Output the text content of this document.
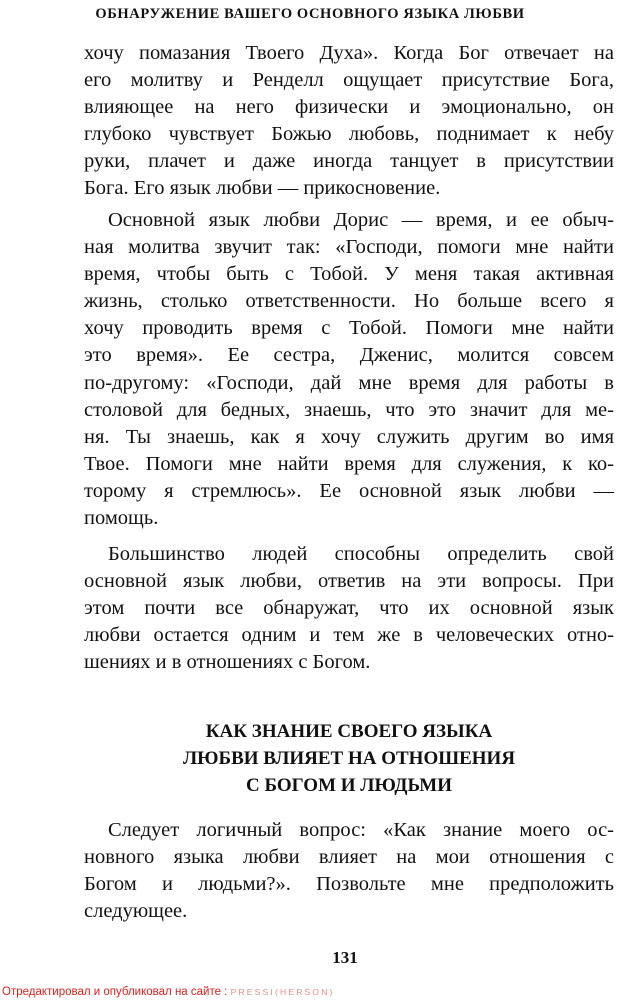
ОБНАРУЖЕНИЕ ВАШЕГО ОСНОВНОГО ЯЗЫКА ЛЮБВИ
хочу помазания Твоего Духа». Когда Бог отвечает на
его молитву и Ренделл ощущает присутствие Бога,
влияющее на него физически и эмоционально, он
глубоко чувствует Божью любовь, поднимает к небу
руки, плачет и даже иногда танцует в присутствии
Бога. Его язык любви — прикосновение.
Основной язык любви Дорис — время, и ее обыч-
ная молитва звучит так: «Господи, помоги мне найти
время, чтобы быть с Тобой. У меня такая активная
жизнь, столько ответственности. Но больше всего я
хочу проводить время с Тобой. Помоги мне найти
это время». Ее сестра, Дженис, молится совсем
по-другому: «Господи, дай мне время для работы в
столовой для бедных, знаешь, что это значит для ме-
ня. Ты знаешь, как я хочу служить другим во имя
Твое. Помоги мне найти время для служения, к ко-
торому я стремлюсь». Ее основной язык любви —
помощь.
Большинство людей способны определить свой
основной язык любви, ответив на эти вопросы. При
этом почти все обнаружат, что их основной язык
любви остается одним и тем же в человеческих отно-
шениях и в отношениях с Богом.
КАК ЗНАНИЕ СВОЕГО ЯЗЫКА
ЛЮБВИ ВЛИЯЕТ НА ОТНОШЕНИЯ
С БОГОМ И ЛЮДЬМИ
Следует логичный вопрос: «Как знание моего ос-
новного языка любви влияет на мои отношения с
Богом и людьми?». Позвольте мне предположить
следующее.
131
Отредактировал и опубликовал на сайте : PRESSI(HERSON)
